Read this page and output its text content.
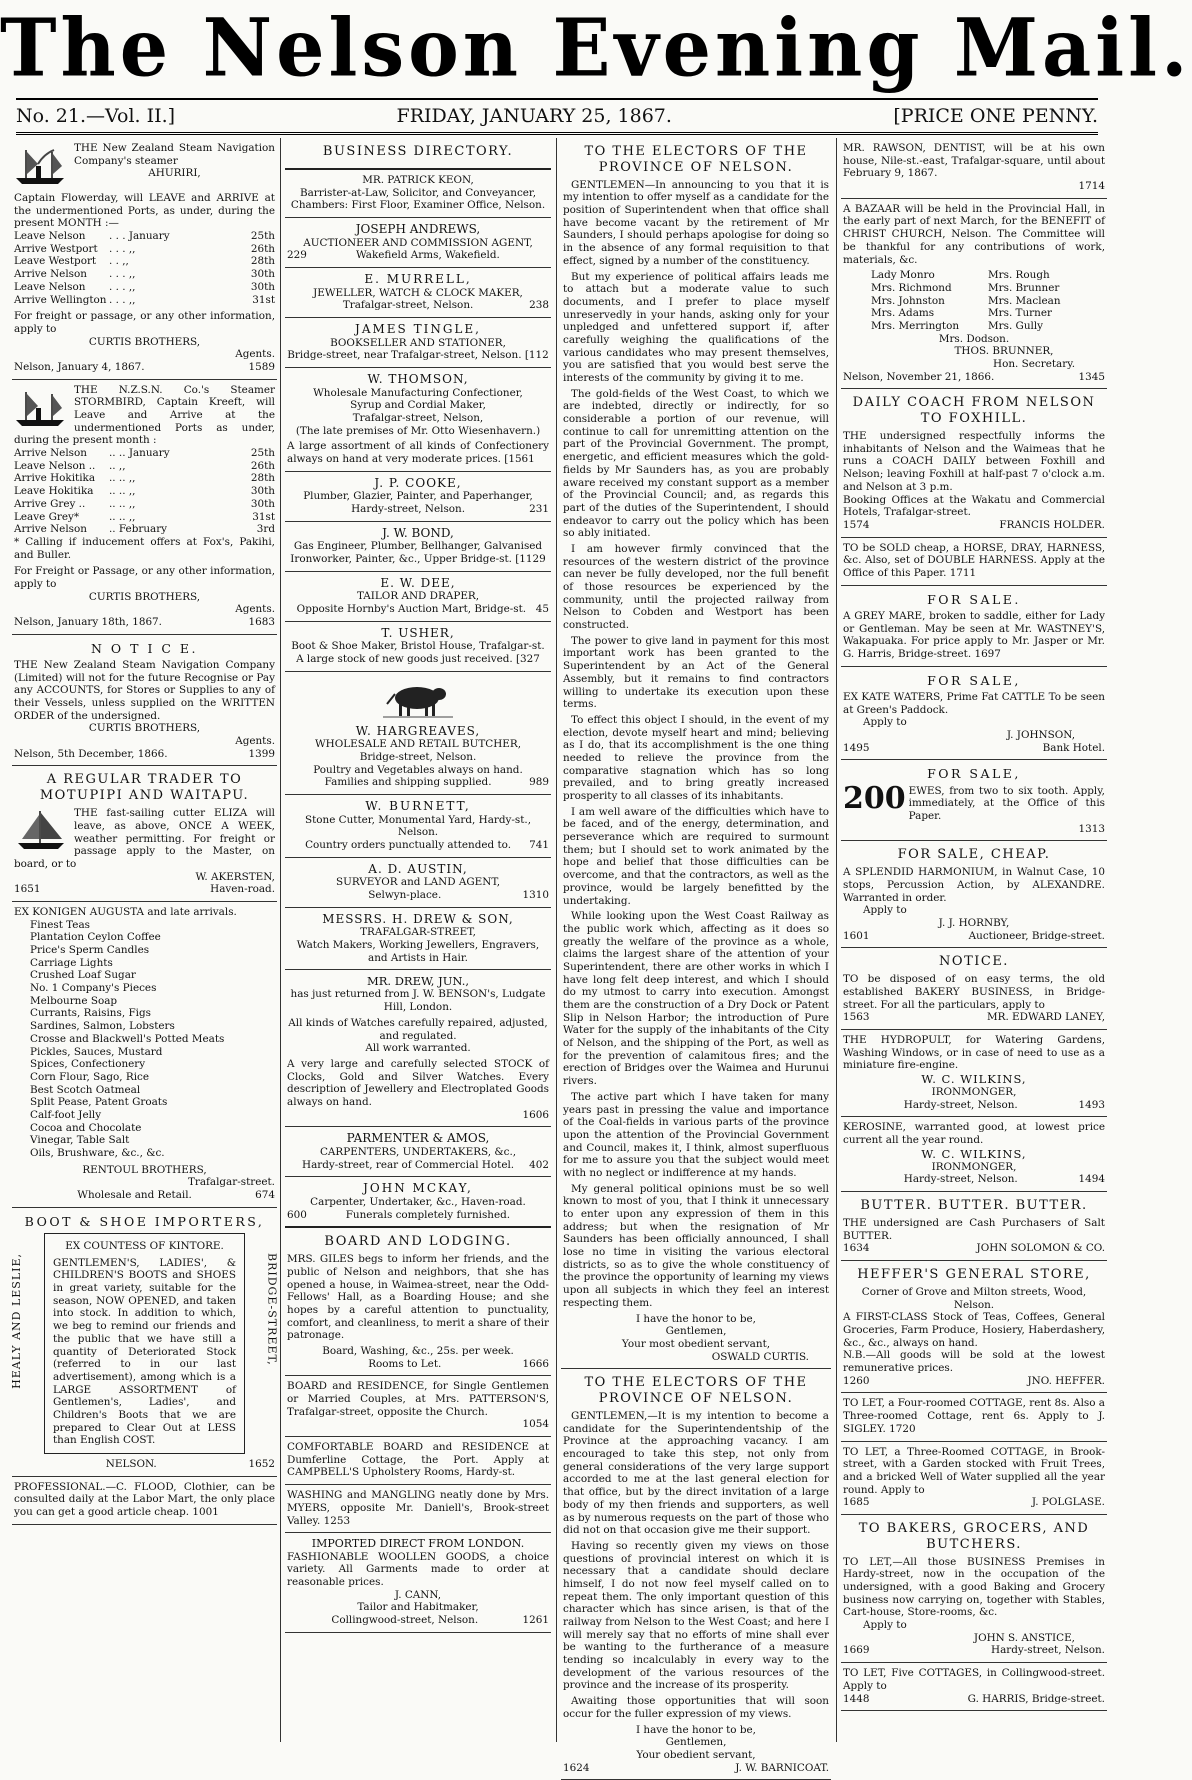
The Nelson Evening Mail.
No. 21.—Vol. II.]	FRIDAY, JANUARY 25, 1867.	[PRICE ONE PENNY.
THE New Zealand Steam Navigation Company's steamer
AHURIRI,
Captain Flowerday, will LEAVE and ARRIVE at the undermentioned Ports, as under, during the present MONTH :—
Leave Nelson	. . . January	25th
Arrive Westport	. . . ,,	26th
Leave Westport	. . ,,	28th
Arrive Nelson	. . . ,,	30th
Leave Nelson	. . . ,,	30th
Arrive Wellington . . . ,,	31st
For freight or passage, or any other information, apply to
CURTIS BROTHERS,
Agents.
Nelson, January 4, 1867.	1589
THE N.Z.S.N. Co.'s Steamer STORMBIRD, Captain Kreeft, will Leave and Arrive at the undermentioned Ports as under, during the present month :
Arrive Nelson	.. .. January	25th
Leave Nelson ..	.. ,,	26th
Arrive Hokitika	.. .. ,,	28th
Leave Hokitika	.. .. ,,	30th
Arrive Grey ..	.. .. ,,	30th
Leave Grey*	.. .. ,,	31st
Arrive Nelson	.. February	3rd
* Calling if inducement offers at Fox's, Pakihi, and Buller.
For Freight or Passage, or any other information, apply to
CURTIS BROTHERS,
Agents.
Nelson, January 18th, 1867.	1683
N O T I C E.
THE New Zealand Steam Navigation Company (Limited) will not for the future Recognise or Pay any ACCOUNTS, for Stores or Supplies to any of their Vessels, unless supplied on the WRITTEN ORDER of the undersigned.
CURTIS BROTHERS,
Agents.
Nelson, 5th December, 1866.	1399
A REGULAR TRADER TO MOTUPIPI AND WAITAPU.
THE fast-sailing cutter ELIZA will leave, as above, ONCE A WEEK, weather permitting. For freight or passage apply to the Master, on board, or to
W. AKERSTEN,
1651	Haven-road.
EX KONIGEN AUGUSTA and late arrivals.
Finest Teas
Plantation Ceylon Coffee
Price's Sperm Candles
Carriage Lights
Crushed Loaf Sugar
No. 1 Company's Pieces
Melbourne Soap
Currants, Raisins, Figs
Sardines, Salmon, Lobsters
Crosse and Blackwell's Potted Meats
Pickles, Sauces, Mustard
Spices, Confectionery
Corn Flour, Sago, Rice
Best Scotch Oatmeal
Split Pease, Patent Groats
Calf-foot Jelly
Cocoa and Chocolate
Vinegar, Table Salt
Oils, Brushware, &c., &c.
RENTOUL BROTHERS,
Trafalgar-street.
Wholesale and Retail.	674
BOOT & SHOE IMPORTERS,
HEALY AND LESLIE,	BRIDGE-STREET,
EX COUNTESS OF KINTORE.
GENTLEMEN'S, LADIES', & CHILDREN'S BOOTS and SHOES in great variety, suitable for the season, NOW OPENED, and taken into stock. In addition to which, we beg to remind our friends and the public that we have still a quantity of Deteriorated Stock (referred to in our last advertisement), among which is a LARGE ASSORTMENT of Gentlemen's, Ladies', and Children's Boots that we are prepared to Clear Out at LESS than English COST.
NELSON.	1652
PROFESSIONAL.—C. FLOOD, Clothier, can be consulted daily at the Labor Mart, the only place you can get a good article cheap. 1001
BUSINESS DIRECTORY.
MR. PATRICK KEON,
Barrister-at-Law, Solicitor, and Conveyancer,
Chambers: First Floor, Examiner Office, Nelson.
JOSEPH ANDREWS,
AUCTIONEER AND COMMISSION AGENT,
229	Wakefield Arms, Wakefield.
E. MURRELL,
JEWELLER, WATCH & CLOCK MAKER,
Trafalgar-street, Nelson.	238
JAMES TINGLE,
BOOKSELLER AND STATIONER,
Bridge-street, near Trafalgar-street, Nelson. [112
W. THOMSON,
Wholesale Manufacturing Confectioner,
Syrup and Cordial Maker,
Trafalgar-street, Nelson,
(The late premises of Mr. Otto Wiesenhavern.)
A large assortment of all kinds of Confectionery always on hand at very moderate prices. [1561
J. P. COOKE,
Plumber, Glazier, Painter, and Paperhanger,
Hardy-street, Nelson.	231
J. W. BOND,
Gas Engineer, Plumber, Bellhanger, Galvanised
Ironworker, Painter, &c., Upper Bridge-st. [1129
E. W. DEE,
TAILOR AND DRAPER,
Opposite Hornby's Auction Mart, Bridge-st. 45
T. USHER,
Boot & Shoe Maker, Bristol House, Trafalgar-st.
A large stock of new goods just received. [327
W. HARGREAVES,
WHOLESALE AND RETAIL BUTCHER,
Bridge-street, Nelson.
Poultry and Vegetables always on hand.
Families and shipping supplied.	989
W. BURNETT,
Stone Cutter, Monumental Yard, Hardy-st., Nelson.
Country orders punctually attended to.	741
A. D. AUSTIN,
SURVEYOR and LAND AGENT,
Selwyn-place.	1310
MESSRS. H. DREW & SON,
TRAFALGAR-STREET,
Watch Makers, Working Jewellers, Engravers, and Artists in Hair.
MR. DREW, JUN.,
has just returned from J. W. BENSON's, Ludgate Hill, London.
All kinds of Watches carefully repaired, adjusted, and regulated.
All work warranted.
A very large and carefully selected STOCK of Clocks, Gold and Silver Watches. Every description of Jewellery and Electroplated Goods always on hand.
1606
PARMENTER & AMOS,
CARPENTERS, UNDERTAKERS, &c.,
Hardy-street, rear of Commercial Hotel.	402
JOHN MCKAY,
Carpenter, Undertaker, &c., Haven-road.
600	Funerals completely furnished.
BOARD AND LODGING.
MRS. GILES begs to inform her friends, and the public of Nelson and neighbors, that she has opened a house, in Waimea-street, near the Odd-Fellows' Hall, as a Boarding House; and she hopes by a careful attention to punctuality, comfort, and cleanliness, to merit a share of their patronage.
Board, Washing, &c., 25s. per week.
Rooms to Let.	1666
BOARD and RESIDENCE, for Single Gentlemen or Married Couples, at Mrs. PATTERSON'S, Trafalgar-street, opposite the Church.
1054
COMFORTABLE BOARD and RESIDENCE at Dumferline Cottage, the Port. Apply at CAMPBELL'S Upholstery Rooms, Hardy-st.
WASHING and MANGLING neatly done by Mrs. MYERS, opposite Mr. Daniell's, Brook-street Valley. 1253
IMPORTED DIRECT FROM LONDON.
FASHIONABLE WOOLLEN GOODS, a choice variety. All Garments made to order at reasonable prices.
J. CANN,
Tailor and Habitmaker,
Collingwood-street, Nelson.	1261
TO THE ELECTORS OF THE PROVINCE OF NELSON.
GENTLEMEN—In announcing to you that it is my intention to offer myself as a candidate for the position of Superintendent when that office shall have become vacant by the retirement of Mr Saunders, I should perhaps apologise for doing so in the absence of any formal requisition to that effect, signed by a number of the constituency.
But my experience of political affairs leads me to attach but a moderate value to such documents, and I prefer to place myself unreservedly in your hands, asking only for your unpledged and unfettered support if, after carefully weighing the qualifications of the various candidates who may present themselves, you are satisfied that you would best serve the interests of the community by giving it to me.
The gold-fields of the West Coast, to which we are indebted, directly or indirectly, for so considerable a portion of our revenue, will continue to call for unremitting attention on the part of the Provincial Government. The prompt, energetic, and efficient measures which the gold-fields by Mr Saunders has, as you are probably aware received my constant support as a member of the Provincial Council; and, as regards this part of the duties of the Superintendent, I should endeavor to carry out the policy which has been so ably initiated.
I am however firmly convinced that the resources of the western district of the province can never be fully developed, nor the full benefit of those resources be experienced by the community, until the projected railway from Nelson to Cobden and Westport has been constructed.
The power to give land in payment for this most important work has been granted to the Superintendent by an Act of the General Assembly, but it remains to find contractors willing to undertake its execution upon these terms.
To effect this object I should, in the event of my election, devote myself heart and mind; believing as I do, that its accomplishment is the one thing needed to relieve the province from the comparative stagnation which has so long prevailed, and to bring greatly increased prosperity to all classes of its inhabitants.
I am well aware of the difficulties which have to be faced, and of the energy, determination, and perseverance which are required to surmount them; but I should set to work animated by the hope and belief that those difficulties can be overcome, and that the contractors, as well as the province, would be largely benefitted by the undertaking.
While looking upon the West Coast Railway as the public work which, affecting as it does so greatly the welfare of the province as a whole, claims the largest share of the attention of your Superintendent, there are other works in which I have long felt deep interest, and which I should do my utmost to carry into execution. Amongst them are the construction of a Dry Dock or Patent Slip in Nelson Harbor; the introduction of Pure Water for the supply of the inhabitants of the City of Nelson, and the shipping of the Port, as well as for the prevention of calamitous fires; and the erection of Bridges over the Waimea and Hurunui rivers.
The active part which I have taken for many years past in pressing the value and importance of the Coal-fields in various parts of the province upon the attention of the Provincial Government and Council, makes it, I think, almost superfluous for me to assure you that the subject would meet with no neglect or indifference at my hands.
My general political opinions must be so well known to most of you, that I think it unnecessary to enter upon any expression of them in this address; but when the resignation of Mr Saunders has been officially announced, I shall lose no time in visiting the various electoral districts, so as to give the whole constituency of the province the opportunity of learning my views upon all subjects in which they feel an interest respecting them.
I have the honor to be,
Gentlemen,
Your most obedient servant,
OSWALD CURTIS.
TO THE ELECTORS OF THE PROVINCE OF NELSON.
GENTLEMEN,—It is my intention to become a candidate for the Superintendentship of the Province at the approaching vacancy. I am encouraged to take this step, not only from general considerations of the very large support accorded to me at the last general election for that office, but by the direct invitation of a large body of my then friends and supporters, as well as by numerous requests on the part of those who did not on that occasion give me their support.
Having so recently given my views on those questions of provincial interest on which it is necessary that a candidate should declare himself, I do not now feel myself called on to repeat them. The only important question of this character which has since arisen, is that of the railway from Nelson to the West Coast; and here I will merely say that no efforts of mine shall ever be wanting to the furtherance of a measure tending so incalculably in every way to the development of the various resources of the province and the increase of its prosperity.
Awaiting those opportunities that will soon occur for the fuller expression of my views.
I have the honor to be,
Gentlemen,
Your obedient servant,
1624	J. W. BARNICOAT.
MR. RAWSON, DENTIST, will be at his own house, Nile-st.-east, Trafalgar-square, until about February 9, 1867.
1714
A BAZAAR will be held in the Provincial Hall, in the early part of next March, for the BENEFIT of CHRIST CHURCH, Nelson. The Committee will be thankful for any contributions of work, materials, &c.
Lady Monro	Mrs. Rough
Mrs. Richmond	Mrs. Brunner
Mrs. Johnston	Mrs. Maclean
Mrs. Adams	Mrs. Turner
Mrs. Merrington	Mrs. Gully
Mrs. Dodson.
THOS. BRUNNER,
Hon. Secretary.
Nelson, November 21, 1866.	1345
DAILY COACH FROM NELSON TO FOXHILL.
THE undersigned respectfully informs the inhabitants of Nelson and the Waimeas that he runs a COACH DAILY between Foxhill and Nelson; leaving Foxhill at half-past 7 o'clock a.m. and Nelson at 3 p.m.
Booking Offices at the Wakatu and Commercial Hotels, Trafalgar-street.
1574	FRANCIS HOLDER.
TO be SOLD cheap, a HORSE, DRAY, HARNESS, &c. Also, set of DOUBLE HARNESS. Apply at the Office of this Paper. 1711
FOR SALE.
A GREY MARE, broken to saddle, either for Lady or Gentleman. May be seen at Mr. WASTNEY'S, Wakapuaka. For price apply to Mr. Jasper or Mr. G. Harris, Bridge-street. 1697
FOR SALE,
EX KATE WATERS, Prime Fat CATTLE To be seen at Green's Paddock.
Apply to
J. JOHNSON,
1495	Bank Hotel.
FOR SALE,
200 EWES, from two to six tooth. Apply, immediately, at the Office of this Paper.
1313
FOR SALE, CHEAP.
A SPLENDID HARMONIUM, in Walnut Case, 10 stops, Percussion Action, by ALEXANDRE. Warranted in order.
Apply to
J. J. HORNBY,
1601	Auctioneer, Bridge-street.
NOTICE.
TO be disposed of on easy terms, the old established BAKERY BUSINESS, in Bridge-street. For all the particulars, apply to
1563	MR. EDWARD LANEY,
THE HYDROPULT, for Watering Gardens, Washing Windows, or in case of need to use as a miniature fire-engine.
W. C. WILKINS,
IRONMONGER,
Hardy-street, Nelson.	1493
KEROSINE, warranted good, at lowest price current all the year round.
W. C. WILKINS,
IRONMONGER,
Hardy-street, Nelson.	1494
BUTTER. BUTTER. BUTTER.
THE undersigned are Cash Purchasers of Salt BUTTER.
1634	JOHN SOLOMON & CO.
HEFFER'S GENERAL STORE,
Corner of Grove and Milton streets, Wood, Nelson.
A FIRST-CLASS Stock of Teas, Coffees, General Groceries, Farm Produce, Hosiery, Haberdashery, &c., &c., always on hand.
N.B.—All goods will be sold at the lowest remunerative prices.
1260	JNO. HEFFER.
TO LET, a Four-roomed COTTAGE, rent 8s. Also a Three-roomed Cottage, rent 6s. Apply to J. SIGLEY. 1720
TO LET, a Three-Roomed COTTAGE, in Brook-street, with a Garden stocked with Fruit Trees, and a bricked Well of Water supplied all the year round. Apply to
1685	J. POLGLASE.
TO BAKERS, GROCERS, AND BUTCHERS.
TO LET,—All those BUSINESS Premises in Hardy-street, now in the occupation of the undersigned, with a good Baking and Grocery business now carrying on, together with Stables, Cart-house, Store-rooms, &c.
Apply to
JOHN S. ANSTICE,
1669	Hardy-street, Nelson.
TO LET, Five COTTAGES, in Collingwood-street. Apply to
1448	G. HARRIS, Bridge-street.
